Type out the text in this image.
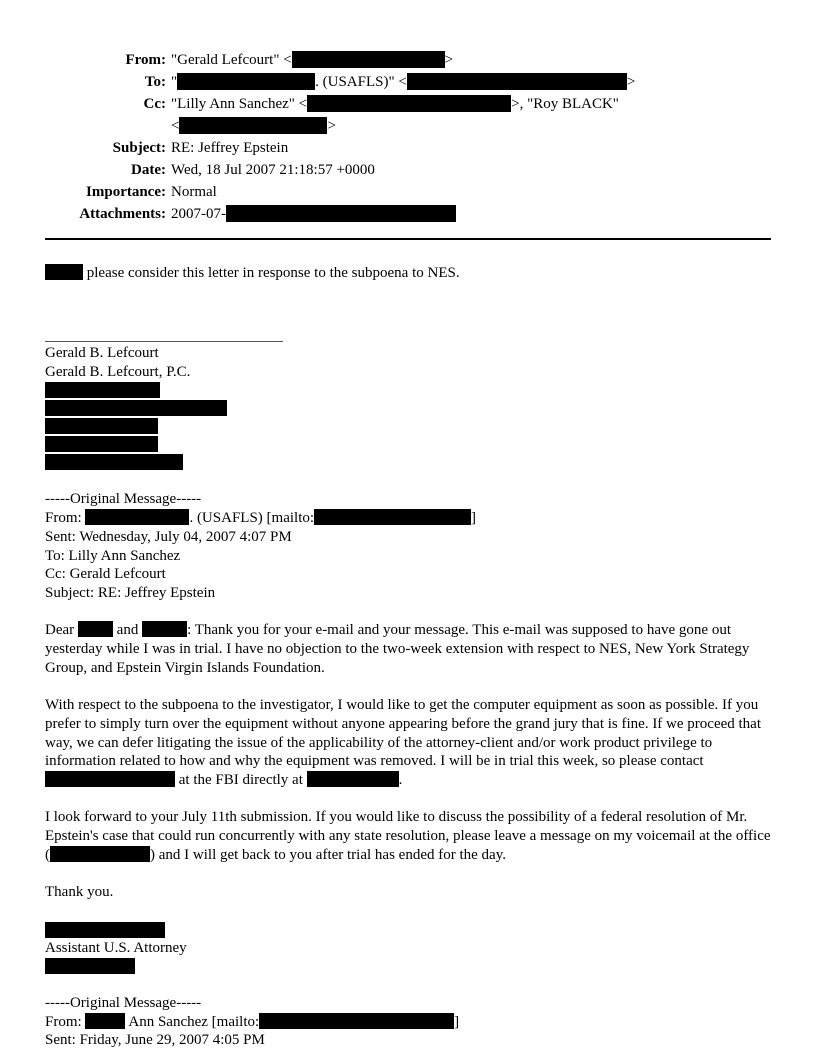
From: "Gerald Lefcourt" <	>
To: "	. (USAFLS)" <	>
Cc: "Lilly Ann Sanchez" <	>, "Roy BLACK"
<	>
Subject: RE: Jeffrey Epstein
Date: Wed, 18 Jul 2007 21:18:57 +0000
Importance: Normal
Attachments: 2007-07-

please consider this letter in response to the subpoena to NES.

Gerald B. Lefcourt

Gerald B. Lefcourt, P.C.

-----Original Message-----

From:	. (USAFLS) [mailto:	]

Sent: Wednesday, July 04, 2007 4:07 PM

To: Lilly Ann Sanchez

Cc: Gerald Lefcourt

Subject: RE: Jeffrey Epstein

Dear  and	: Thank you for your e-mail and your message. This e-mail was supposed to have gone out yesterday while I was in trial. I have no objection to the two-week extension with respect to NES, New York Strategy Group, and Epstein Virgin Islands Foundation.

With respect to the subpoena to the investigator, I would like to get the computer equipment as soon as possible. If you prefer to simply turn over the equipment without anyone appearing before the grand jury that is fine. If we proceed that way, we can defer litigating the issue of the applicability of the attorney-client and/or work product privilege to information related to how and why the equipment was removed. I will be in trial this week, so please contact  at the FBI directly at	.

I look forward to your July 11th submission. If you would like to discuss the possibility of a federal resolution of Mr. Epstein's case that could run concurrently with any state resolution, please leave a message on my voicemail at the office (	) and I will get back to you after trial has ended for the day.

Thank you.

Assistant U.S. Attorney

-----Original Message-----

From:	Ann Sanchez [mailto:	]

Sent: Friday, June 29, 2007 4:05 PM
